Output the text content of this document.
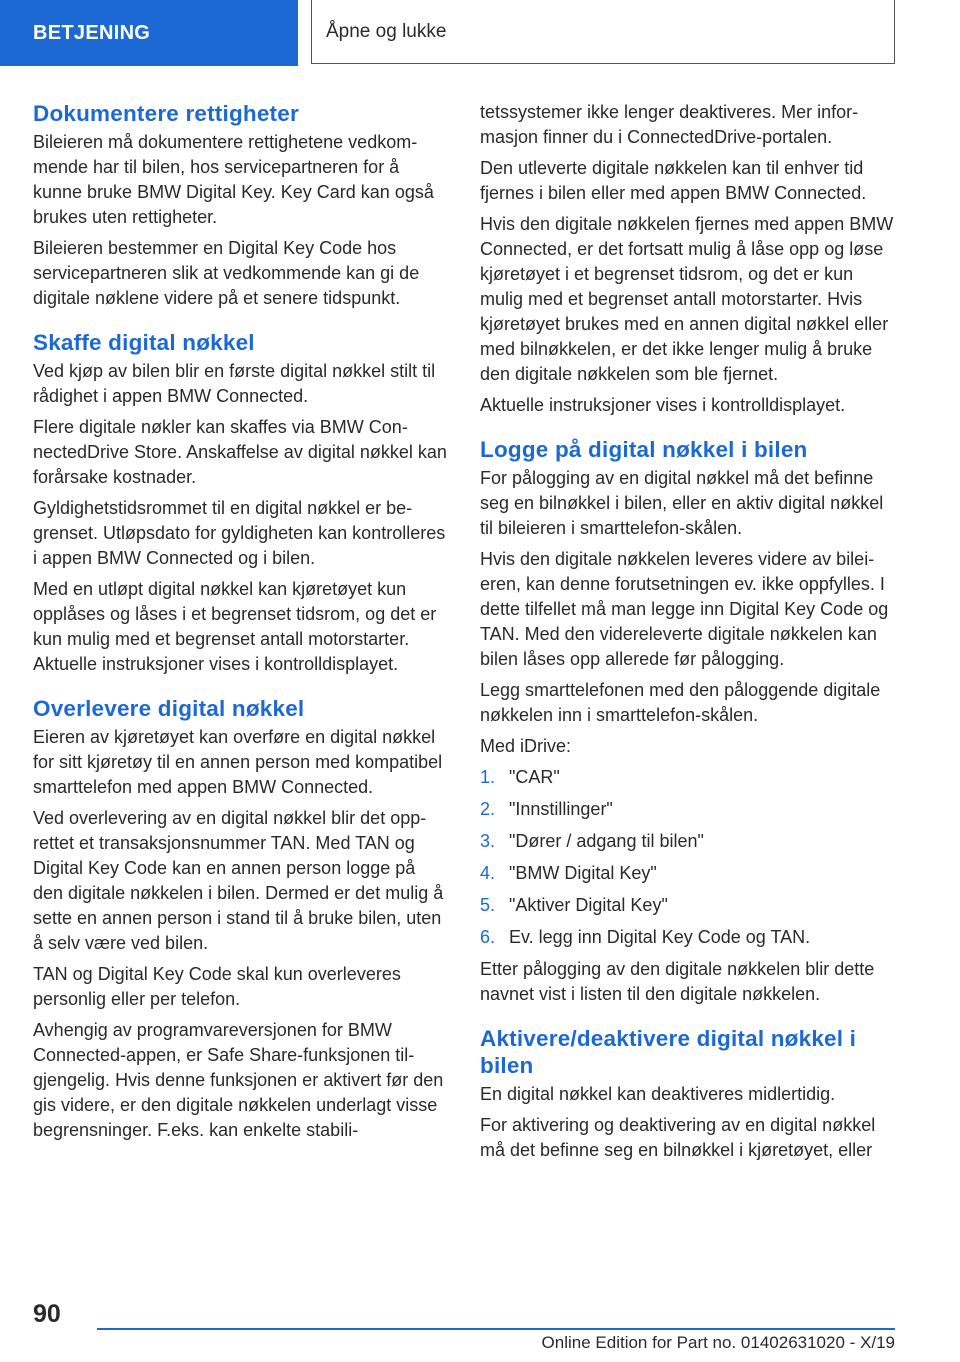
BETJENING	Åpne og lukke
Dokumentere rettigheter

Bileieren må dokumentere rettighetene vedkommende har til bilen, hos servicepartneren for å kunne bruke BMW Digital Key. Key Card kan også brukes uten rettigheter.

Bileieren bestemmer en Digital Key Code hos servicepartneren slik at vedkommende kan gi de digitale nøklene videre på et senere tidspunkt.

Skaffe digital nøkkel

Ved kjøp av bilen blir en første digital nøkkel stilt til rådighet i appen BMW Connected.

Flere digitale nøkler kan skaffes via BMW ConnectedDrive Store. Anskaffelse av digital nøkkel kan forårsake kostnader.

Gyldighetstidsrommet til en digital nøkkel er begrenset. Utløpsdato for gyldigheten kan kontrolleres i appen BMW Connected og i bilen.

Med en utløpt digital nøkkel kan kjøretøyet kun opplåses og låses i et begrenset tidsrom, og det er kun mulig med et begrenset antall motorstarter. Aktuelle instruksjoner vises i kontrolldisplayet.

Overlevere digital nøkkel

Eieren av kjøretøyet kan overføre en digital nøkkel for sitt kjøretøy til en annen person med kompatibel smarttelefon med appen BMW Connected.

Ved overlevering av en digital nøkkel blir det opprettet et transaksjonsnummer TAN. Med TAN og Digital Key Code kan en annen person logge på den digitale nøkkelen i bilen. Dermed er det mulig å sette en annen person i stand til å bruke bilen, uten å selv være ved bilen.

TAN og Digital Key Code skal kun overleveres personlig eller per telefon.

Avhengig av programvareversjonen for BMW Connected-appen, er Safe Share-funksjonen tilgjengelig. Hvis denne funksjonen er aktivert før den gis videre, er den digitale nøkkelen underlagt visse begrensninger. F.eks. kan enkelte stabili-

tetssystemer ikke lenger deaktiveres. Mer informasjon finner du i ConnectedDrive-portalen.

Den utleverte digitale nøkkelen kan til enhver tid fjernes i bilen eller med appen BMW Connected.

Hvis den digitale nøkkelen fjernes med appen BMW Connected, er det fortsatt mulig å låse opp og løse kjøretøyet i et begrenset tidsrom, og det er kun mulig med et begrenset antall motorstarter. Hvis kjøretøyet brukes med en annen digital nøkkel eller med bilnøkkelen, er det ikke lenger mulig å bruke den digitale nøkkelen som ble fjernet.

Aktuelle instruksjoner vises i kontrolldisplayet.

Logge på digital nøkkel i bilen

For pålogging av en digital nøkkel må det befinne seg en bilnøkkel i bilen, eller en aktiv digital nøkkel til bileieren i smarttelefon-skålen.

Hvis den digitale nøkkelen leveres videre av bileieren, kan denne forutsetningen ev. ikke oppfylles. I dette tilfellet må man legge inn Digital Key Code og TAN. Med den videreleverte digitale nøkkelen kan bilen låses opp allerede før pålogging.

Legg smarttelefonen med den påloggende digitale nøkkelen inn i smarttelefon-skålen.

Med iDrive:

1. "CAR"
2. "Innstillinger"
3. "Dører / adgang til bilen"
4. "BMW Digital Key"
5. "Aktiver Digital Key"
6. Ev. legg inn Digital Key Code og TAN.

Etter pålogging av den digitale nøkkelen blir dette navnet vist i listen til den digitale nøkkelen.

Aktivere/deaktivere digital nøkkel i bilen

En digital nøkkel kan deaktiveres midlertidig.

For aktivering og deaktivering av en digital nøkkel må det befinne seg en bilnøkkel i kjøretøyet, eller

90
Online Edition for Part no. 01402631020 - X/19
